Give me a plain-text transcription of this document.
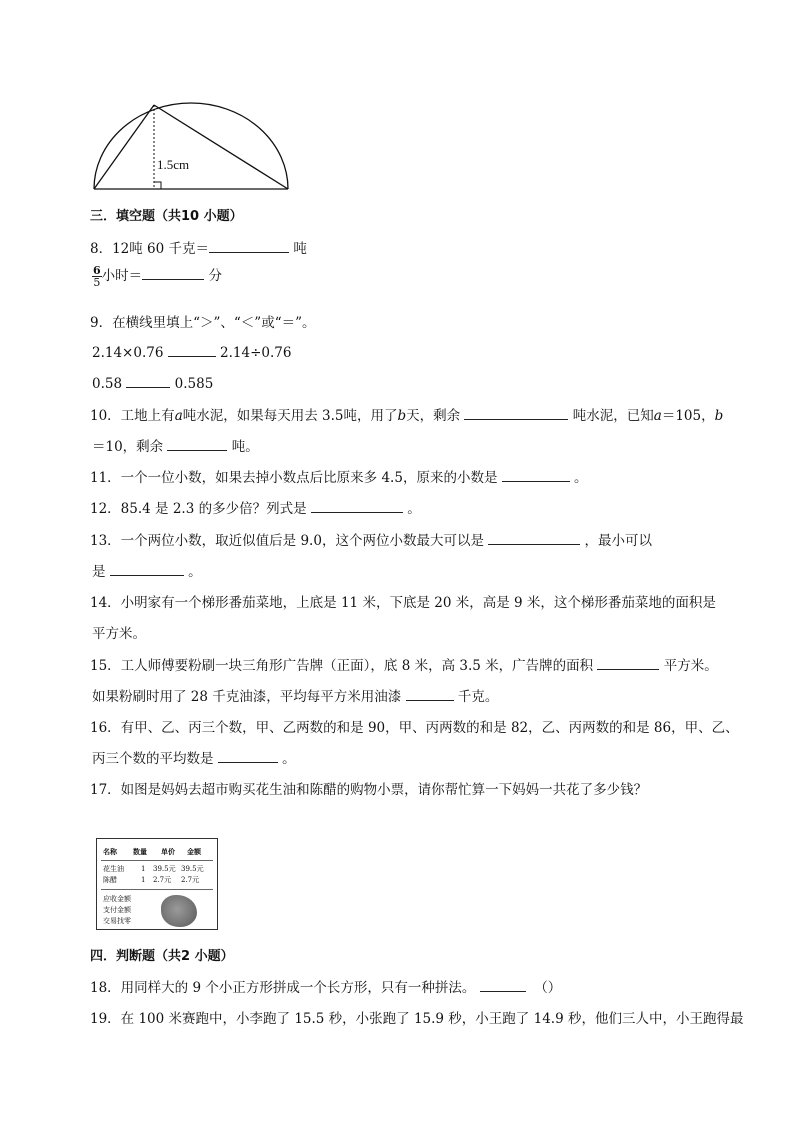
1.5cm
三．填空题（共10 小题）
8．12吨 60 千克＝	吨
$\frac{6}{5}$ 小时＝	分
9．在横线里填上“＞”、“＜”或“＝”。
2.14×0.76	2.14÷0.76
0.58	0.585
10．工地上有a吨水泥，如果每天用去 3.5吨，用了b天，剩余	吨水泥，已知a＝105，b
＝10，剩余	吨。
11．一个一位小数，如果去掉小数点后比原来多 4.5，原来的小数是	。
12．85.4 是 2.3 的多少倍？列式是	。
13．一个两位小数，取近似值后是 9.0，这个两位小数最大可以是	，最小可以
是	。
14．小明家有一个梯形番茄菜地，上底是 11 米，下底是 20 米，高是 9 米，这个梯形番茄菜地的面积是
平方米。
15．工人师傅要粉刷一块三角形广告牌（正面），底 8 米，高 3.5 米，广告牌的面积	平方米。
如果粉刷时用了 28 千克油漆，平均每平方米用油漆	千克。
16．有甲、乙、丙三个数，甲、乙两数的和是 90，甲、丙两数的和是 82，乙、丙两数的和是 86，甲、乙、
丙三个数的平均数是	。
17．如图是妈妈去超市购买花生油和陈醋的购物小票，请你帮忙算一下妈妈一共花了多少钱？
名称	数量	单价	金额
花生油	1	39.5元 39.5元
陈醋	1	2.7元	2.7元
应收金额
支付金额
交易找零
四．判断题（共2 小题）
18．用同样大的 9 个小正方形拼成一个长方形，只有一种拼法。	（）
19．在 100 米赛跑中，小李跑了 15.5 秒，小张跑了 15.9 秒，小王跑了 14.9 秒，他们三人中，小王跑得最
